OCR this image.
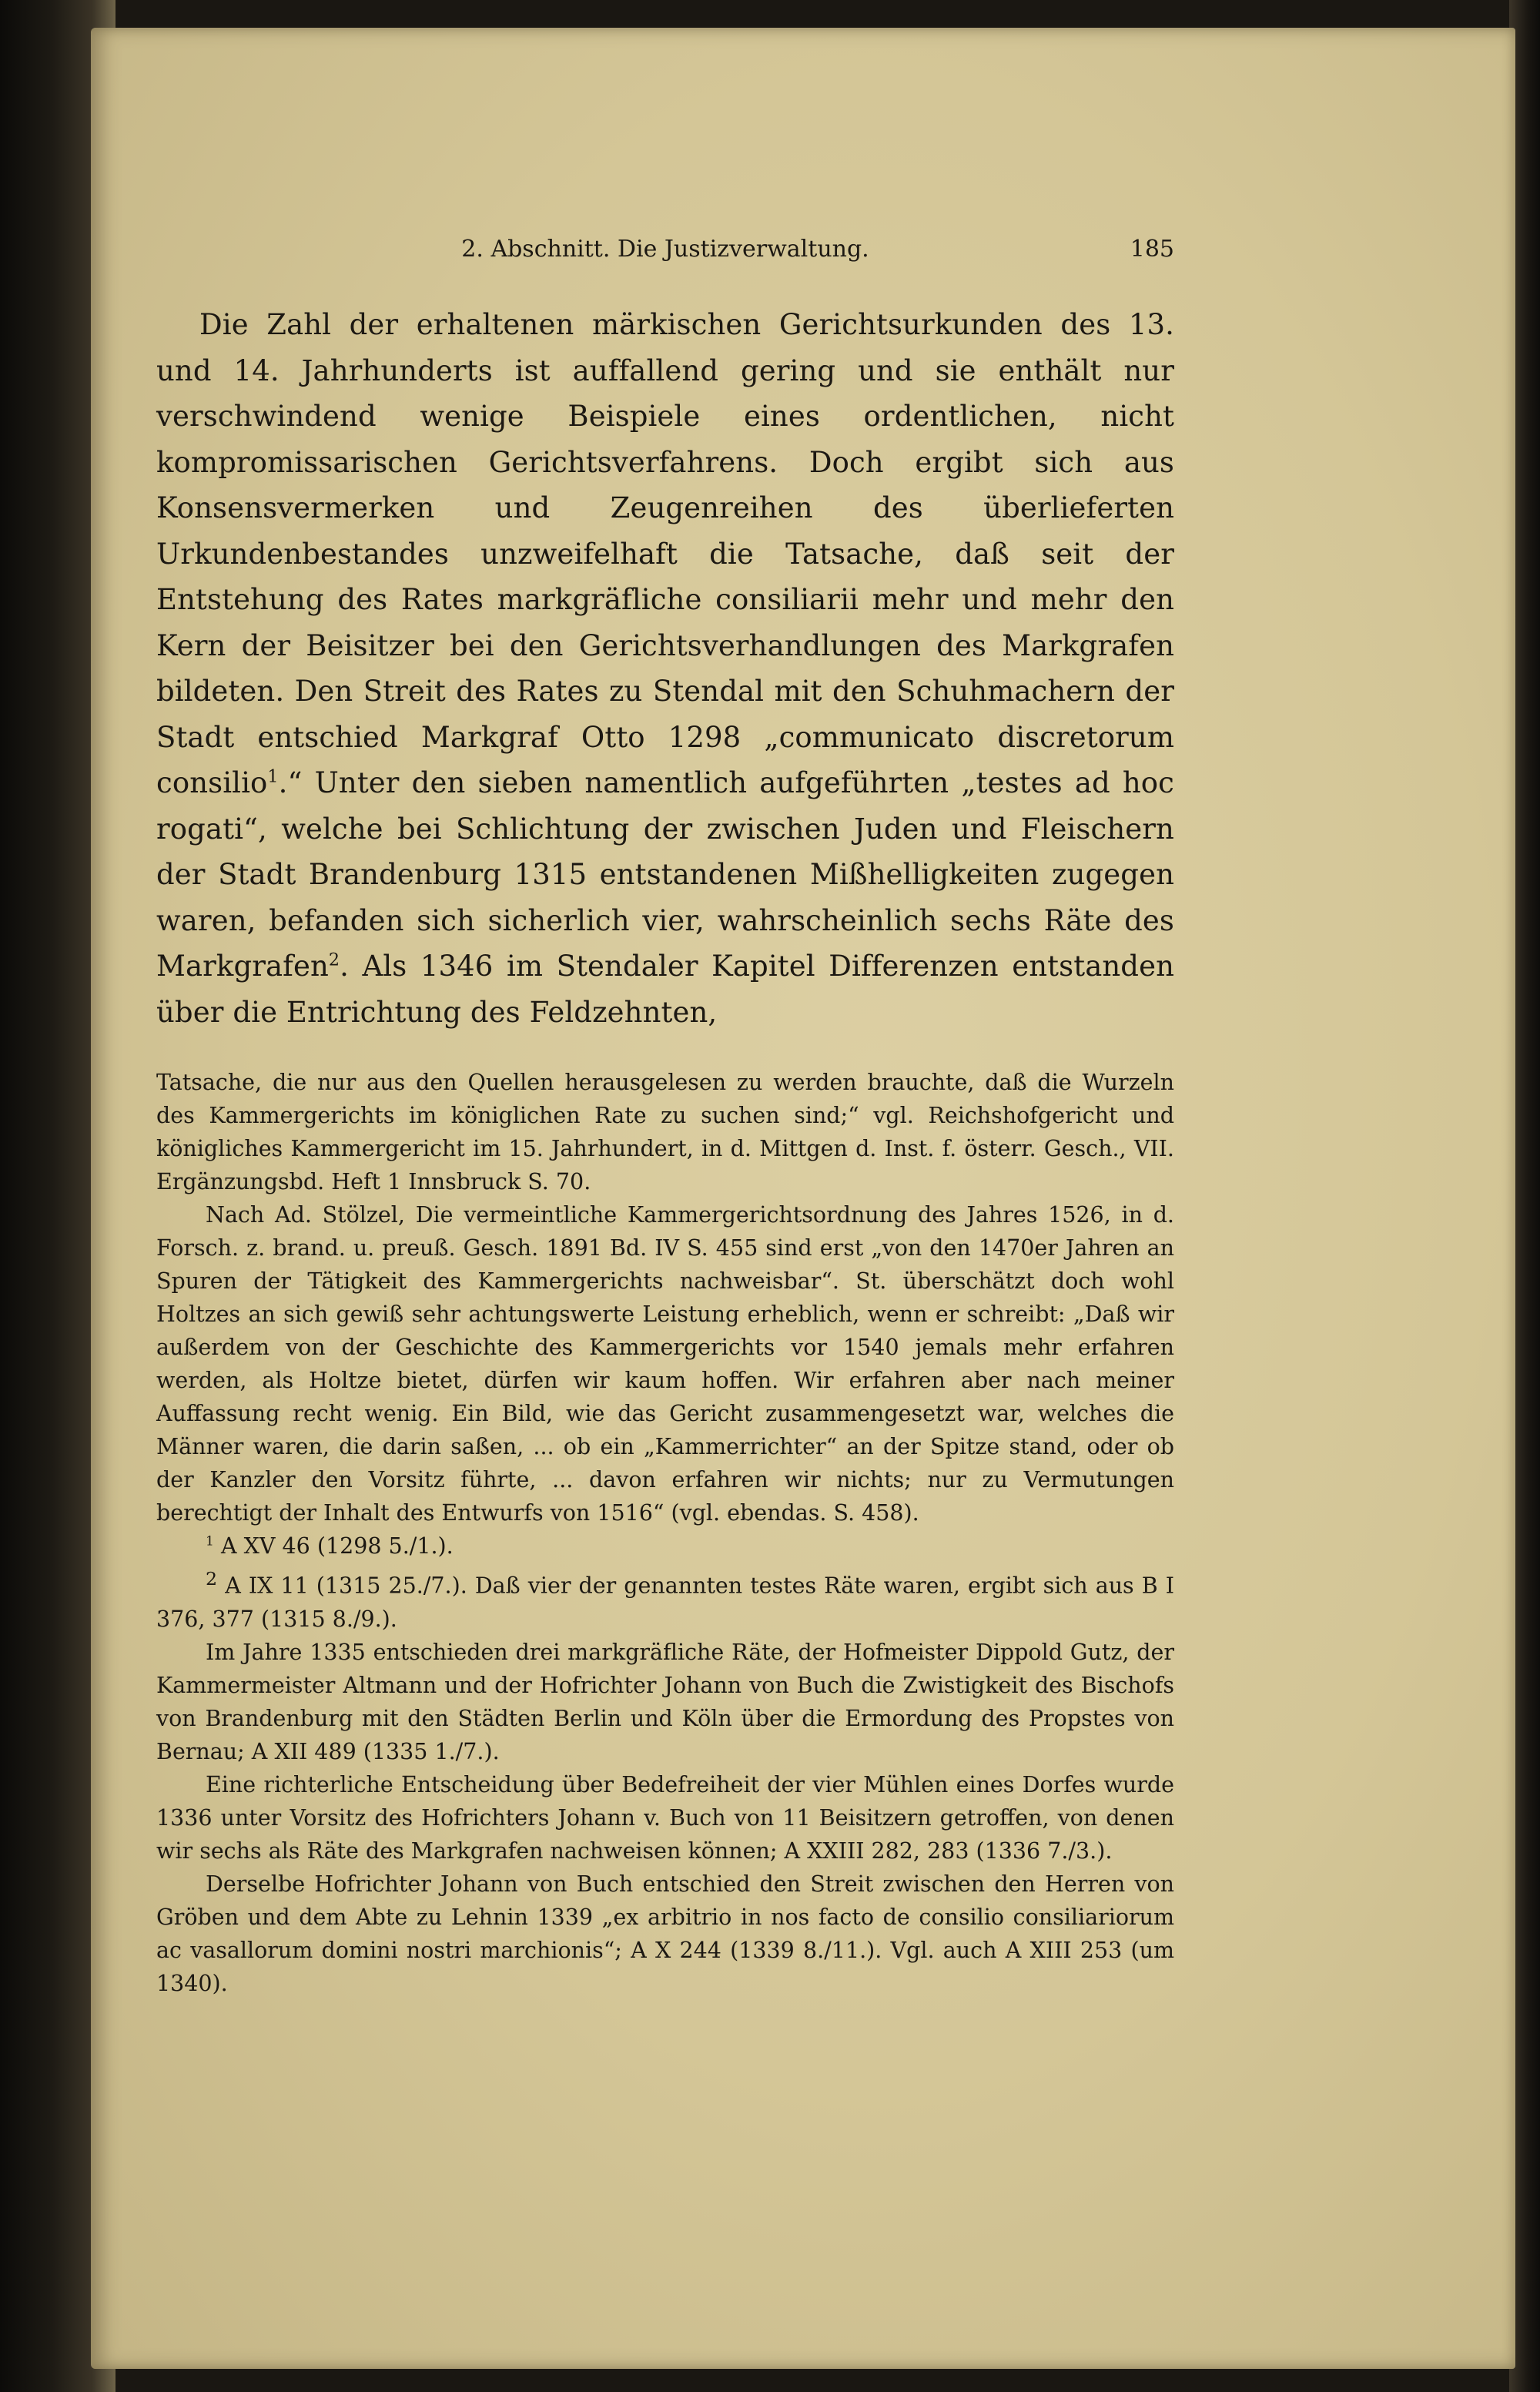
2. Abschnitt. Die Justizverwaltung.	185

Die Zahl der erhaltenen märkischen Gerichtsurkunden des 13. und 14. Jahrhunderts ist auffallend gering und sie enthält nur verschwindend wenige Beispiele eines ordentlichen, nicht kompromissarischen Gerichtsverfahrens. Doch ergibt sich aus Konsensvermerken und Zeugenreihen des überlieferten Urkundenbestandes unzweifelhaft die Tatsache, daß seit der Entstehung des Rates markgräfliche consiliarii mehr und mehr den Kern der Beisitzer bei den Gerichtsverhandlungen des Markgrafen bildeten. Den Streit des Rates zu Stendal mit den Schuhmachern der Stadt entschied Markgraf Otto 1298 „communicato discretorum consilio$^1$.“ Unter den sieben namentlich aufgeführten „testes ad hoc rogati“, welche bei Schlichtung der zwischen Juden und Fleischern der Stadt Brandenburg 1315 entstandenen Mißhelligkeiten zugegen waren, befanden sich sicherlich vier, wahrscheinlich sechs Räte des Markgrafen$^2$. Als 1346 im Stendaler Kapitel Differenzen entstanden über die Entrichtung des Feldzehnten,

Tatsache, die nur aus den Quellen herausgelesen zu werden brauchte, daß die Wurzeln des Kammergerichts im königlichen Rate zu suchen sind;“ vgl. Reichshofgericht und königliches Kammergericht im 15. Jahrhundert, in d. Mittgen d. Inst. f. österr. Gesch., VII. Ergänzungsbd. Heft 1 Innsbruck S. 70.

Nach Ad. Stölzel, Die vermeintliche Kammergerichtsordnung des Jahres 1526, in d. Forsch. z. brand. u. preuß. Gesch. 1891 Bd. IV S. 455 sind erst „von den 1470er Jahren an Spuren der Tätigkeit des Kammergerichts nachweisbar“. St. überschätzt doch wohl Holtzes an sich gewiß sehr achtungswerte Leistung erheblich, wenn er schreibt: „Daß wir außerdem von der Geschichte des Kammergerichts vor 1540 jemals mehr erfahren werden, als Holtze bietet, dürfen wir kaum hoffen. Wir erfahren aber nach meiner Auffassung recht wenig. Ein Bild, wie das Gericht zusammengesetzt war, welches die Männer waren, die darin saßen, ... ob ein „Kammerrichter“ an der Spitze stand, oder ob der Kanzler den Vorsitz führte, ... davon erfahren wir nichts; nur zu Vermutungen berechtigt der Inhalt des Entwurfs von 1516“ (vgl. ebendas. S. 458).

$^1$ A XV 46 (1298 5./1.).

$^2$ A IX 11 (1315 25./7.). Daß vier der genannten testes Räte waren, ergibt sich aus B I 376, 377 (1315 8./9.).

Im Jahre 1335 entschieden drei markgräfliche Räte, der Hofmeister Dippold Gutz, der Kammermeister Altmann und der Hofrichter Johann von Buch die Zwistigkeit des Bischofs von Brandenburg mit den Städten Berlin und Köln über die Ermordung des Propstes von Bernau; A XII 489 (1335 1./7.).

Eine richterliche Entscheidung über Bedefreiheit der vier Mühlen eines Dorfes wurde 1336 unter Vorsitz des Hofrichters Johann v. Buch von 11 Beisitzern getroffen, von denen wir sechs als Räte des Markgrafen nachweisen können; A XXIII 282, 283 (1336 7./3.).

Derselbe Hofrichter Johann von Buch entschied den Streit zwischen den Herren von Gröben und dem Abte zu Lehnin 1339 „ex arbitrio in nos facto de consilio consiliariorum ac vasallorum domini nostri marchionis“; A X 244 (1339 8./11.). Vgl. auch A XIII 253 (um 1340).
